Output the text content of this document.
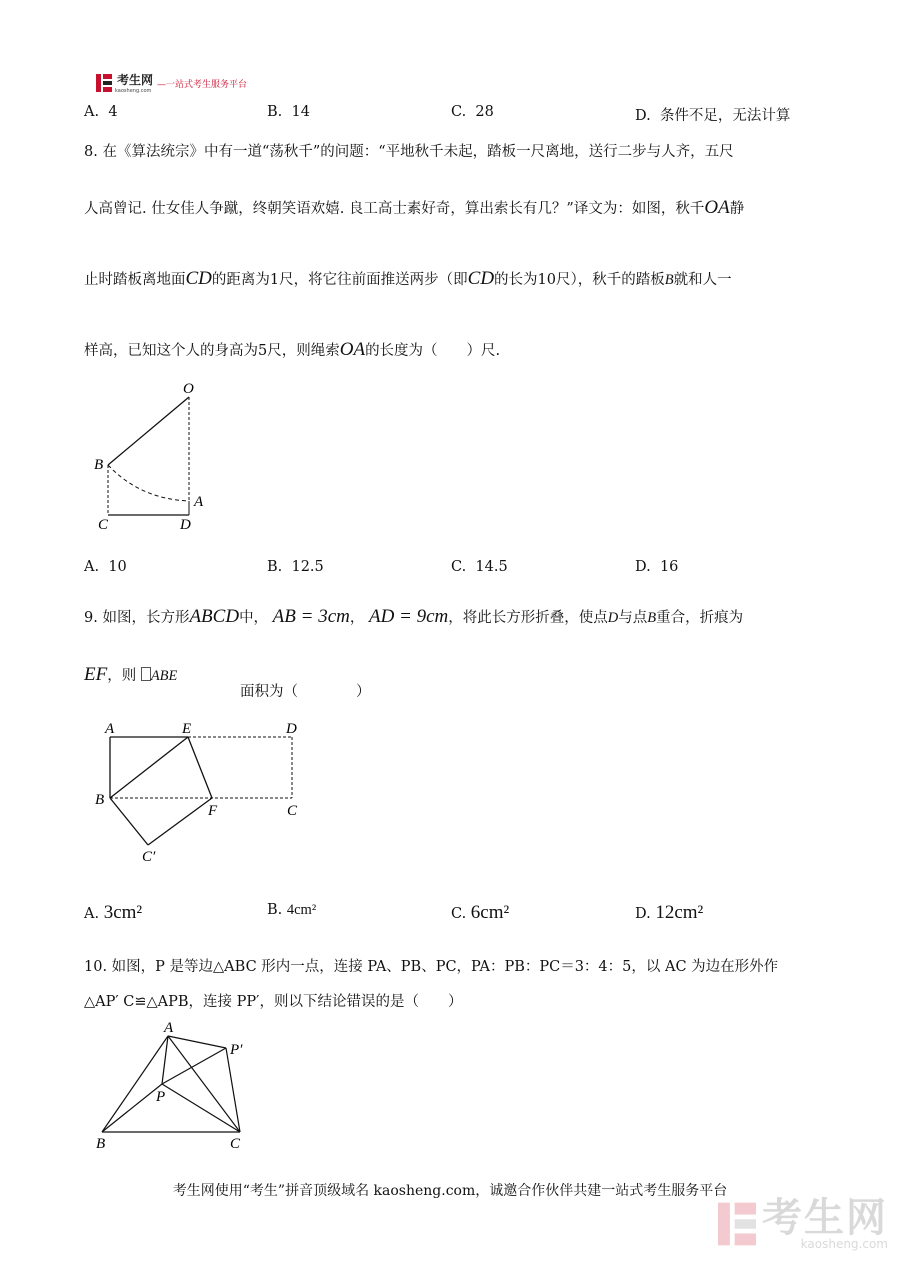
考生网
kaosheng.com
—一站式考生服务平台
A. 4	B. 14	C. 28	D. 条件不足，无法计算
8. 在《算法统宗》中有一道“荡秋千”的问题：“平地秋千未起，踏板一尺离地，送行二步与人齐，五尺
人高曾记. 仕女佳人争蹴，终朝笑语欢嬉. 良工高士素好奇，算出索长有几？”译文为：如图，秋千OA静
止时踏板离地面CD的距离为1尺，将它往前面推送两步（即CD的长为10尺），秋千的踏板B就和人一
样高，已知这个人的身高为5尺，则绳索OA的长度为（　　）尺.
O
B
A
C	D
A. 10	B. 12.5	C. 14.5	D. 16
9. 如图，长方形ABCD中， AB = 3cm， AD = 9cm，将此长方形折叠，使点D与点B重合，折痕为
EF，则 ABE
面积为（　　　　）
A	E	D
B
F	C
C′
A. 3cm²	B. 4cm²	C. 6cm²	D. 12cm²
10. 如图，P 是等边△ABC 形内一点，连接 PA、PB、PC，PA：PB：PC＝3：4：5，以 AC 为边在形外作
△AP′ C≌△APB，连接 PP′，则以下结论错误的是（　　）
A
P′
P
B	C
考生网使用“考生”拼音顶级域名 kaosheng.com，诚邀合作伙伴共建一站式考生服务平台
考生网
kaosheng.com
